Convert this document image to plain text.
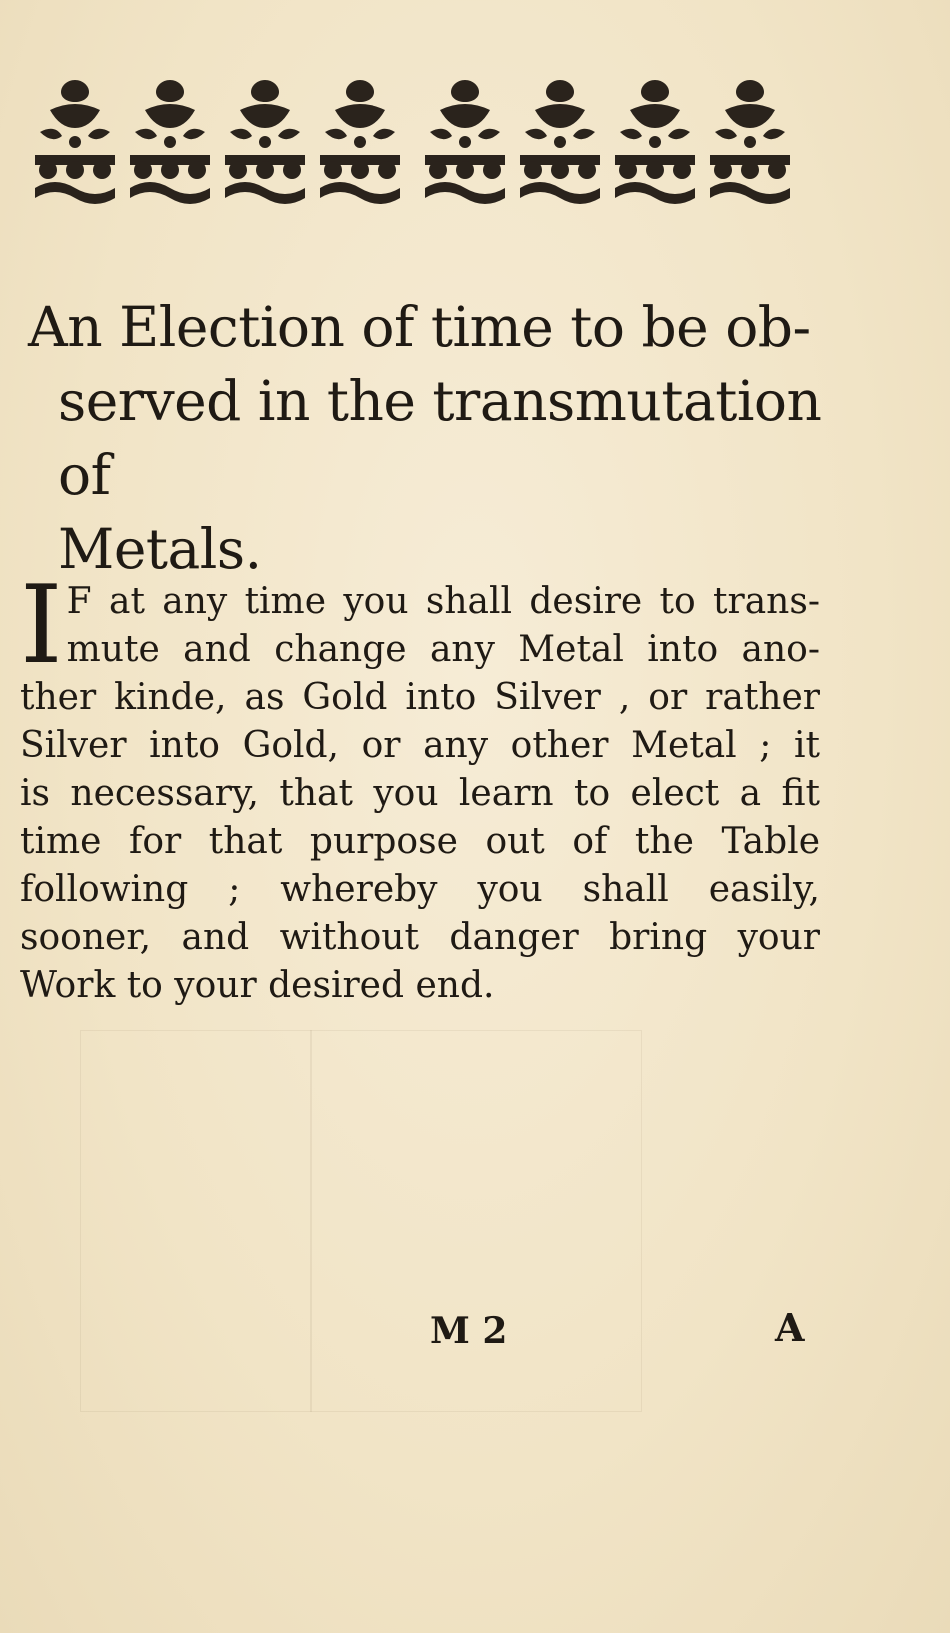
An Election of time to be ob-
served in the transmutation of
Metals.
I F at any time you shall desire to trans-
mute and change any Metal into ano-
ther kinde, as Gold into Silver , or rather
Silver into Gold, or any other Metal ; it
is necessary, that you learn to elect a fit
time for that purpose out of the Table
following ; whereby you shall easily,
sooner, and without danger bring your
Work to your desired end.
M 2	A
